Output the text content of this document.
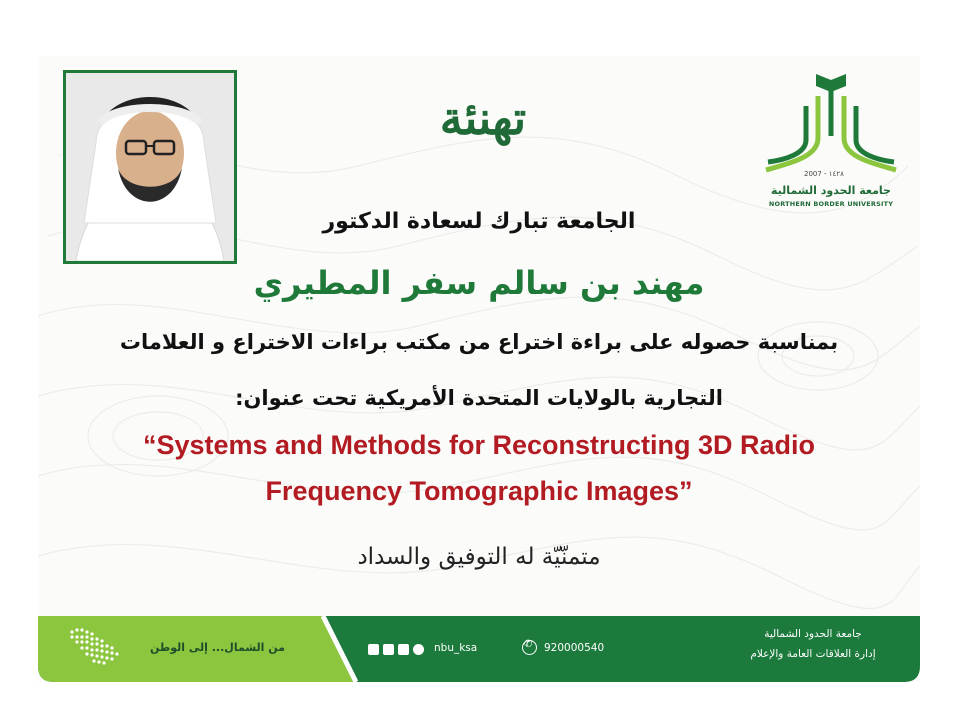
تهنئة
2007 - ١٤٢٨
جامعة الحدود الشمالية
NORTHERN BORDER UNIVERSITY
الجامعة تبارك لسعادة الدكتور
مهند بن سالم سفر المطيري
بمناسبة حصوله على براءة اختراع من مكتب براءات الاختراع و العلامات
التجارية بالولايات المتحدة الأمريكية تحت عنوان:
“Systems and Methods for Reconstructing 3D Radio
Frequency Tomographic Images”
متمنّيّة له التوفيق والسداد
من الشمال... إلى الوطن	nbu_ksa
✆	920000540
جامعة الحدود الشمالية
إدارة العلاقات العامة والإعلام
